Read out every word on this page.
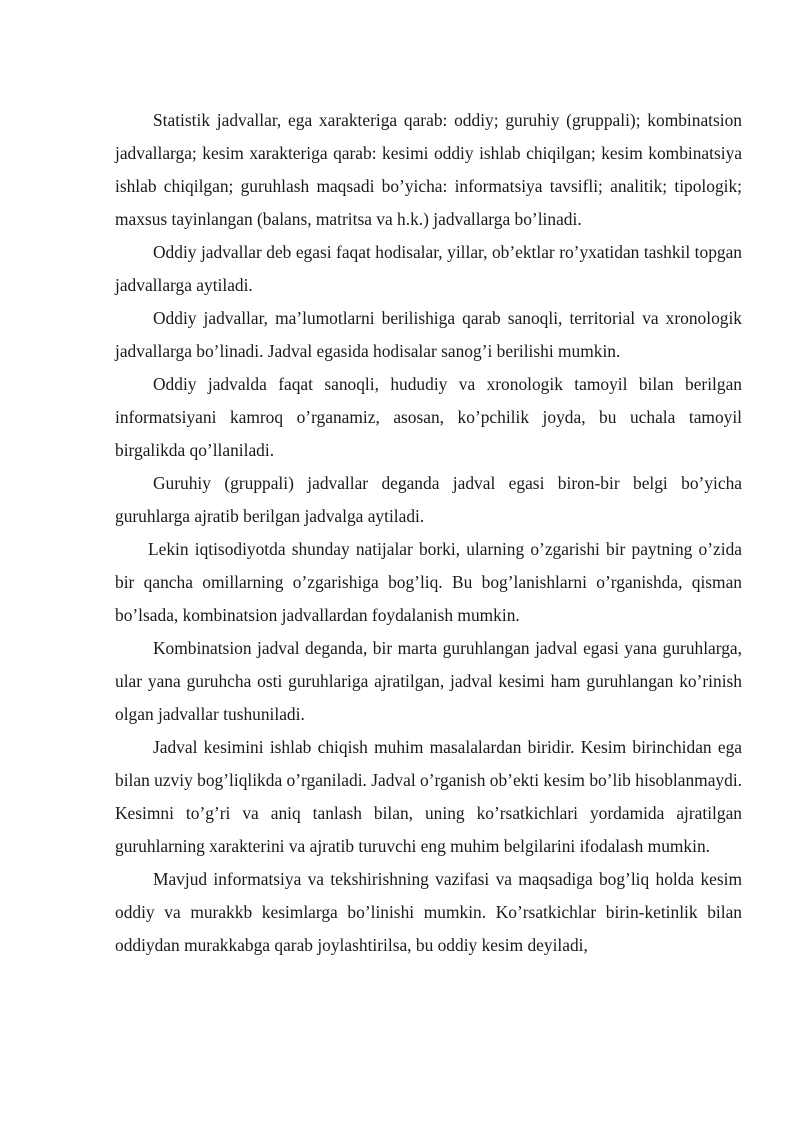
Statistik jadvallar, ega xarakteriga qarab: oddiy; guruhiy (gruppali); kombinatsion jadvallarga; kesim xarakteriga qarab: kesimi oddiy ishlab chiqilgan; kesim kombinatsiya ishlab chiqilgan; guruhlash maqsadi bo’yicha: informatsiya tavsifli; analitik; tipologik; maxsus tayinlangan (balans, matritsa va h.k.) jadvallarga bo’linadi.

Oddiy jadvallar deb egasi faqat hodisalar, yillar, ob’ektlar ro’yxatidan tashkil topgan jadvallarga aytiladi.

Oddiy jadvallar, ma’lumotlarni berilishiga qarab sanoqli, territorial va xronologik jadvallarga bo’linadi. Jadval egasida hodisalar sanog’i berilishi mumkin.

Oddiy jadvalda faqat sanoqli, hududiy va xronologik tamoyil bilan berilgan informatsiyani kamroq o’rganamiz, asosan, ko’pchilik joyda, bu uchala tamoyil birgalikda qo’llaniladi.

Guruhiy (gruppali) jadvallar deganda jadval egasi biron-bir belgi bo’yicha guruhlarga ajratib berilgan jadvalga aytiladi.

Lekin iqtisodiyotda shunday natijalar borki, ularning o’zgarishi bir paytning o’zida bir qancha omillarning o’zgarishiga bog’liq. Bu bog’lanishlarni o’rganishda, qisman bo’lsada, kombinatsion jadvallardan foydalanish mumkin.

Kombinatsion jadval deganda, bir marta guruhlangan jadval egasi yana guruhlarga, ular yana guruhcha osti guruhlariga ajratilgan, jadval kesimi ham guruhlangan ko’rinish olgan jadvallar tushuniladi.

Jadval kesimini ishlab chiqish muhim masalalardan biridir. Kesim birinchidan ega bilan uzviy bog’liqlikda o’rganiladi. Jadval o’rganish ob’ekti kesim bo’lib hisoblanmaydi. Kesimni to’g’ri va aniq tanlash bilan, uning ko’rsatkichlari yordamida ajratilgan guruhlarning xarakterini va ajratib turuvchi eng muhim belgilarini ifodalash mumkin.

Mavjud informatsiya va tekshirishning vazifasi va maqsadiga bog’liq holda kesim oddiy va murakkb kesimlarga bo’linishi mumkin. Ko’rsatkichlar birin-ketinlik bilan oddiydan murakkabga qarab joylashtirilsa, bu oddiy kesim deyiladi,
